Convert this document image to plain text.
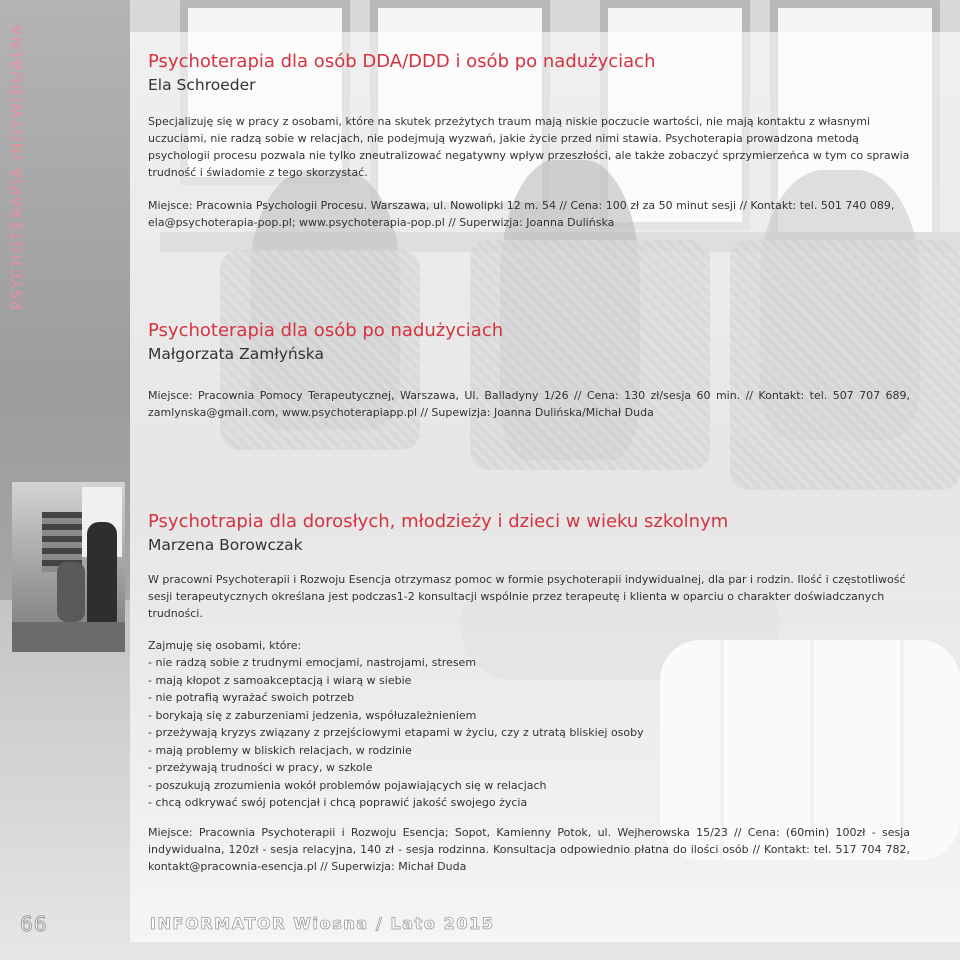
PSYCHOTERAPIA INDYWIDUALNA	Psychoterapia dla osób DDA/DDD i osób po nadużyciach

Ela Schroeder

Specjalizuję się w pracy z osobami, które na skutek przeżytych traum mają niskie poczucie wartości, nie mają kontaktu z własnymi uczuciami, nie radzą sobie w relacjach, nie podejmują wyzwań, jakie życie przed nimi stawia. Psychoterapia prowadzona metodą psychologii procesu pozwala nie tylko zneutralizować negatywny wpływ przeszłości, ale także zobaczyć sprzymierzeńca w tym co sprawia trudność i świadomie z tego skorzystać.

Miejsce: Pracownia Psychologii Procesu. Warszawa, ul. Nowolipki 12 m. 54 // Cena: 100 zł za 50 minut sesji // Kontakt: tel. 501 740 089, ela@psychoterapia-pop.pl; www.psychoterapia-pop.pl // Superwizja: Joanna Dulińska

Psychoterapia dla osób po nadużyciach

Małgorzata Zamłyńska

Miejsce: Pracownia Pomocy Terapeutycznej, Warszawa, Ul. Balladyny 1/26 // Cena: 130 zł/sesja 60 min. // Kontakt: tel. 507 707 689, zamlynska@gmail.com, www.psychoterapiapp.pl // Supewizja: Joanna Dulińska/Michał Duda

Psychotrapia dla dorosłych, młodzieży i dzieci w wieku szkolnym

Marzena Borowczak

W pracowni Psychoterapii i Rozwoju Esencja otrzymasz pomoc w formie psychoterapii indywidualnej, dla par i rodzin. Ilość i częstotliwość sesji terapeutycznych określana jest podczas1-2 konsultacji wspólnie przez terapeutę i klienta w oparciu o charakter doświadczanych trudności.

Zajmuję się osobami, które:

- nie radzą sobie z trudnymi emocjami, nastrojami, stresem
- mają kłopot z samoakceptacją i wiarą w siebie
- nie potrafią wyrażać swoich potrzeb
- borykają się z zaburzeniami jedzenia, współuzależnieniem
- przeżywają kryzys związany z przejściowymi etapami w życiu, czy z utratą bliskiej osoby
- mają problemy w bliskich relacjach, w rodzinie
- przeżywają trudności w pracy, w szkole
- poszukują zrozumienia wokół problemów pojawiających się w relacjach
- chcą odkrywać swój potencjał i chcą poprawić jakość swojego życia

Miejsce: Pracownia Psychoterapii i Rozwoju Esencja; Sopot, Kamienny Potok, ul. Wejherowska 15/23 // Cena: (60min) 100zł - sesja indywidualna, 120zł - sesja relacyjna, 140 zł - sesja rodzinna. Konsultacja odpowiednio płatna do ilości osób // Kontakt: tel. 517 704 782, kontakt@pracownia-esencja.pl // Superwizja: Michał Duda

66	INFORMATOR Wiosna / Lato 2015
